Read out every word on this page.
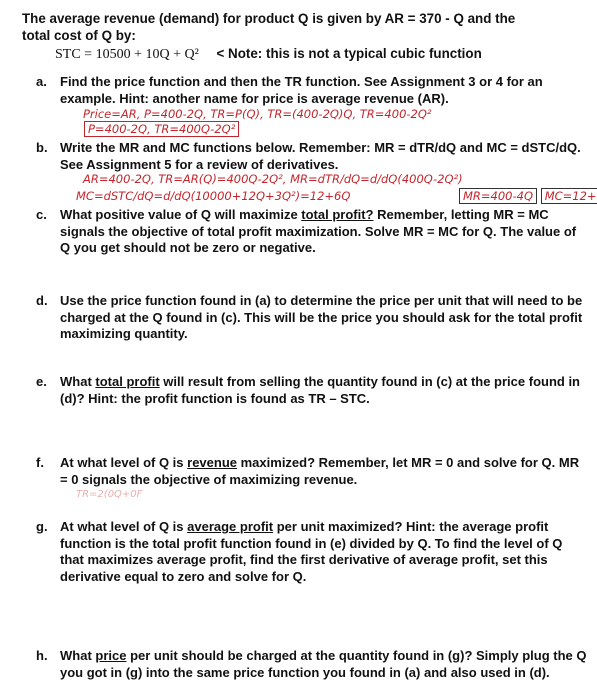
The average revenue (demand) for product Q is given by AR = 370 - Q and the
total cost of Q by:
STC = 10500 + 10Q + Q² < Note: this is not a typical cubic function
a. Find the price function and then the TR function. See Assignment 3 or 4 for an example. Hint: another name for price is average revenue (AR).
Price=AR, P=400-2Q, TR=P(Q), TR=(400-2Q)Q, TR=400-2Q²
P=400-2Q, TR=400Q-2Q²
b. Write the MR and MC functions below. Remember: MR = dTR/dQ and MC = dSTC/dQ. See Assignment 5 for a review of derivatives.
AR=400-2Q, TR=AR(Q)=400Q-2Q², MR=dTR/dQ=d/dQ(400Q-2Q²)
MC=dSTC/dQ=d/dQ(10000+12Q+3Q²)=12+6Q	MR=400-4Q MC=12+
c. What positive value of Q will maximize total profit? Remember, letting MR = MC signals the objective of total profit maximization. Solve MR = MC for Q. The value of Q you get should not be zero or negative.
d. Use the price function found in (a) to determine the price per unit that will need to be charged at the Q found in (c). This will be the price you should ask for the total profit maximizing quantity.
e. What total profit will result from selling the quantity found in (c) at the price found in (d)? Hint: the profit function is found as TR – STC.
f. At what level of Q is revenue maximized? Remember, let MR = 0 and solve for Q. MR = 0 signals the objective of maximizing revenue.
TR=2(0Q+0F
g. At what level of Q is average profit per unit maximized? Hint: the average profit function is the total profit function found in (e) divided by Q. To find the level of Q that maximizes average profit, find the first derivative of average profit, set this derivative equal to zero and solve for Q.
h. What price per unit should be charged at the quantity found in (g)? Simply plug the Q you got in (g) into the same price function you found in (a) and also used in (d).
